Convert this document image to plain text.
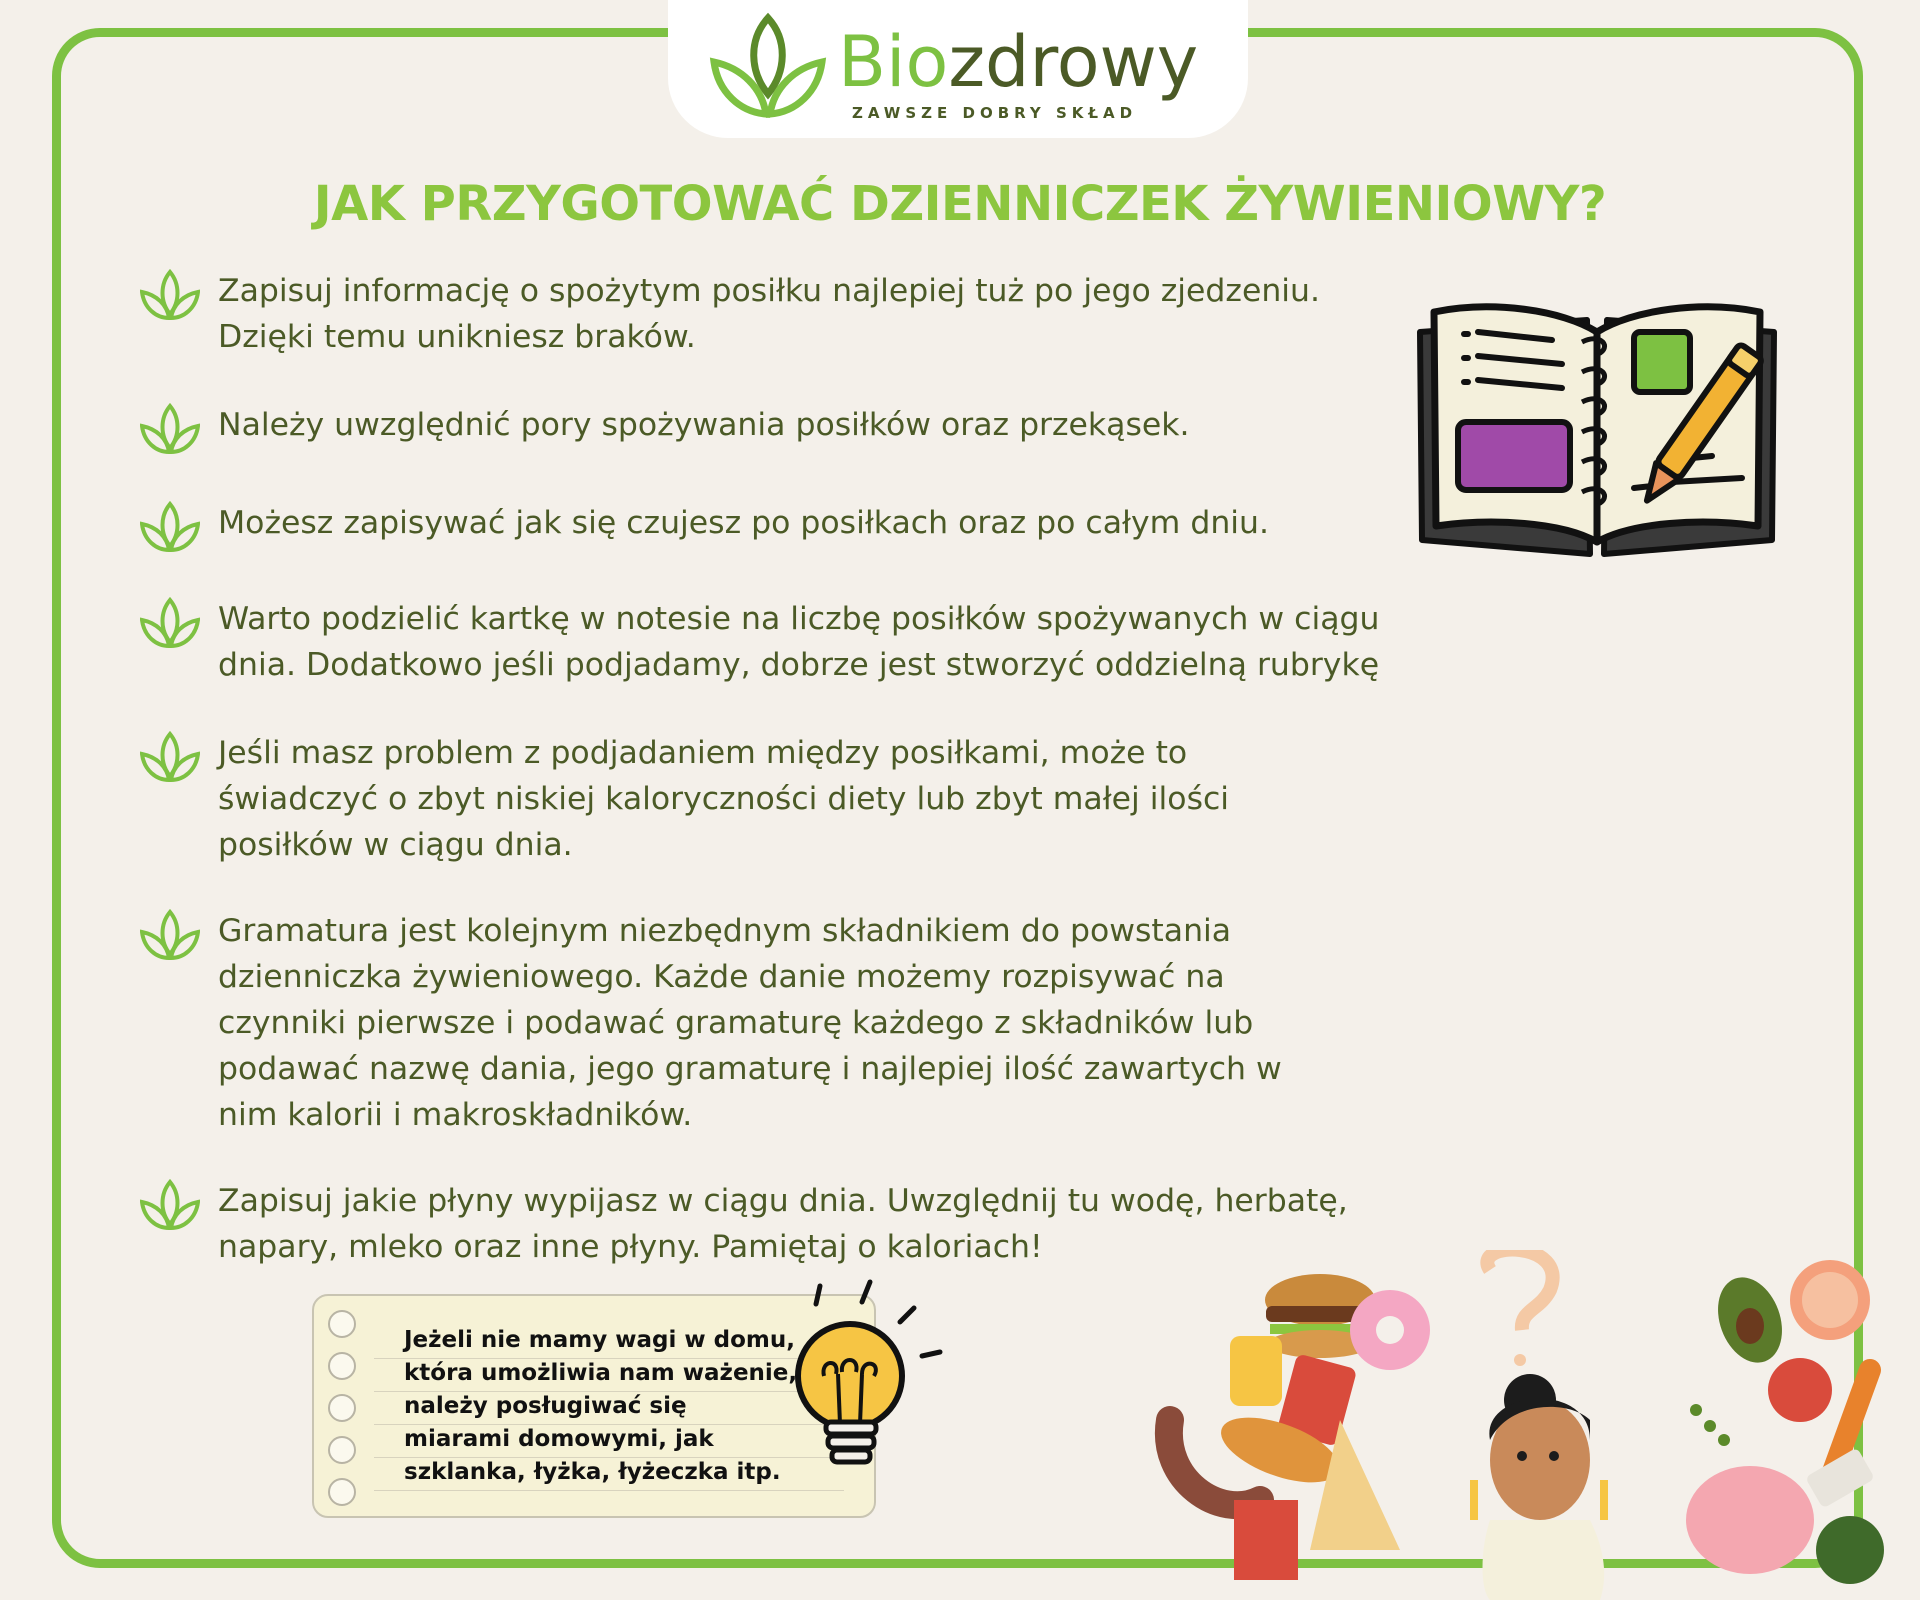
Biozdrowy
ZAWSZE DOBRY SKŁAD
JAK PRZYGOTOWAĆ DZIENNICZEK ŻYWIENIOWY?
Zapisuj informację o spożytym posiłku najlepiej tuż po jego zjedzeniu.
Dzięki temu unikniesz braków.
Należy uwzględnić pory spożywania posiłków oraz przekąsek.
Możesz zapisywać jak się czujesz po posiłkach oraz po całym dniu.
Warto podzielić kartkę w notesie na liczbę posiłków spożywanych w ciągu
dnia. Dodatkowo jeśli podjadamy, dobrze jest stworzyć oddzielną rubrykę
Jeśli masz problem z podjadaniem między posiłkami, może to
świadczyć o zbyt niskiej kaloryczności diety lub zbyt małej ilości
posiłków w ciągu dnia.
Gramatura jest kolejnym niezbędnym składnikiem do powstania
dzienniczka żywieniowego. Każde danie możemy rozpisywać na
czynniki pierwsze i podawać gramaturę każdego z składników lub
podawać nazwę dania, jego gramaturę i najlepiej ilość zawartych w
nim kalorii i makroskładników.
Zapisuj jakie płyny wypijasz w ciągu dnia. Uwzględnij tu wodę, herbatę,
napary, mleko oraz inne płyny. Pamiętaj o kaloriach!
Jeżeli nie mamy wagi w domu,
która umożliwia nam ważenie,
należy posługiwać się
miarami domowymi, jak
szklanka, łyżka, łyżeczka itp.
